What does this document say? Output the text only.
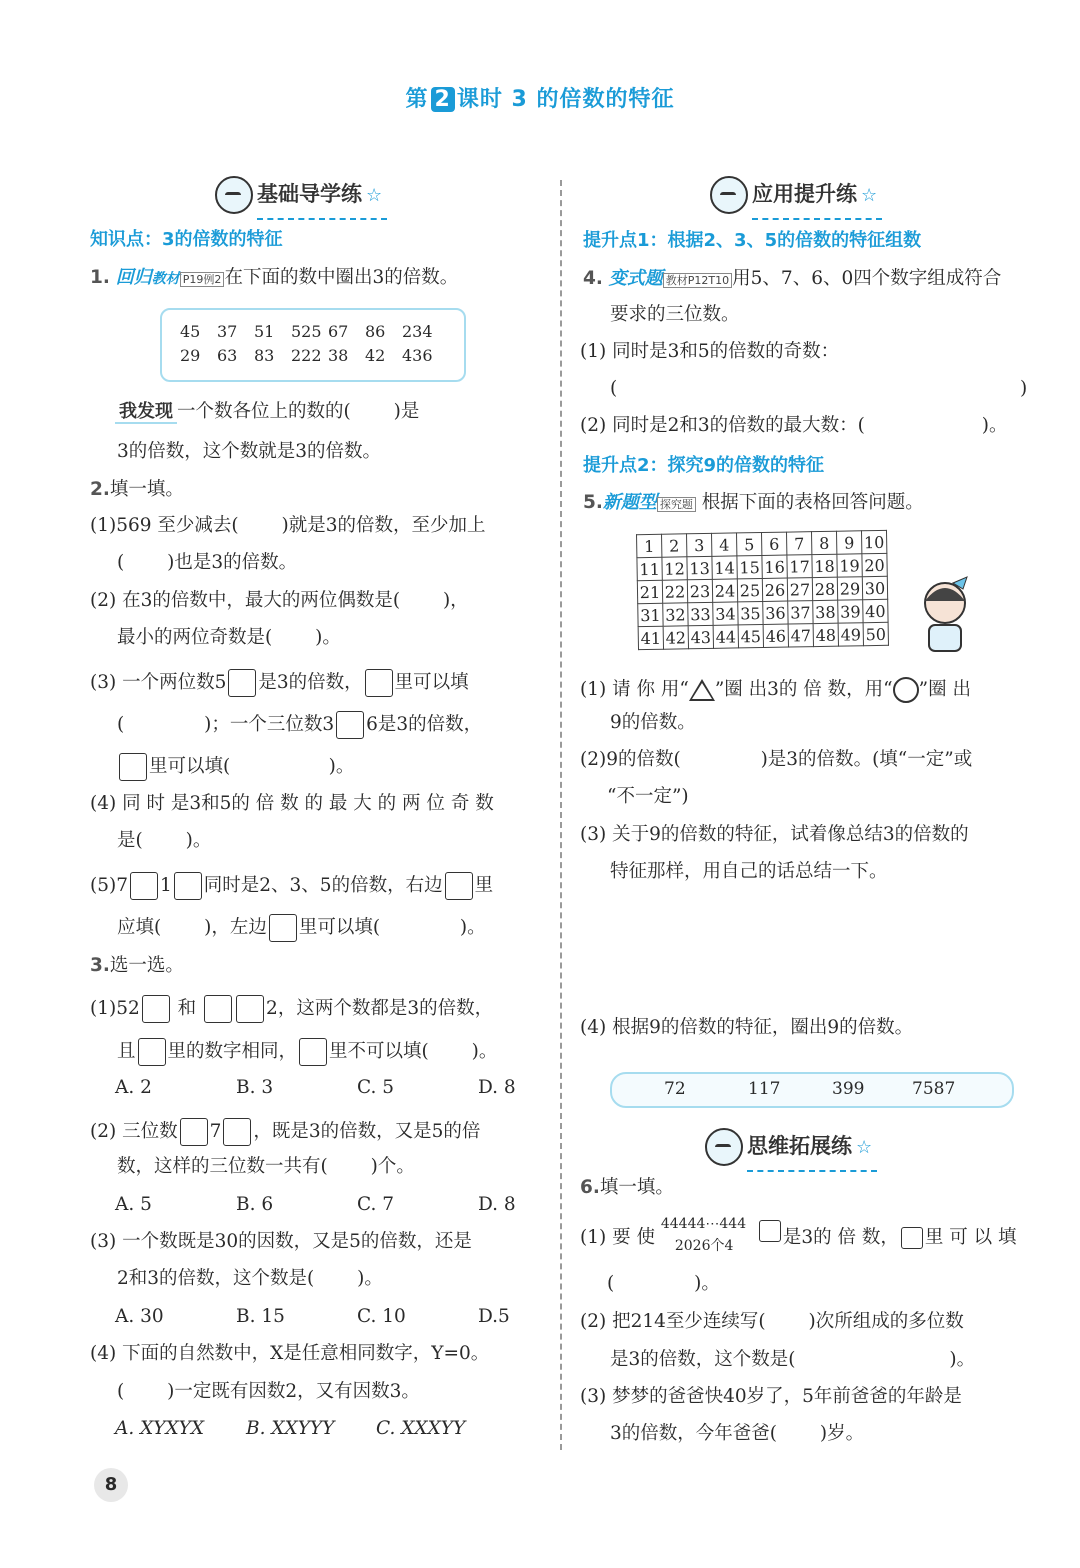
第 2 课时 3 的倍数的特征
基础导学练 ☆
知识点：3的倍数的特征
1. 回归教材 P19例2 在下面的数中圈出3的倍数。
45 37 51 525 67 86 234
29 63 83 222 38 42 436
我发现 一个数各位上的数的(　　 )是
3的倍数，这个数就是3的倍数。
2.填一填。
(1)569 至少减去(　　 )就是3的倍数，至少加上
(　　 )也是3的倍数。
(2) 在3的倍数中，最大的两位偶数是(　　 )，
最小的两位奇数是(　　 )。
(3) 一个两位数5 是3的倍数， 里可以填
(　　　　 )；一个三位数3 6是3的倍数，
里可以填(　　　　　 )。
(4) 同 时 是3和5的 倍 数 的 最 大 的 两 位 奇 数
是(　　 )。
(5)7 1 同时是2、3、5的倍数，右边 里
应填(　　 )，左边 里可以填(　　　　 )。
3.选一选。
(1)52 和	2，这两个数都是3的倍数，
且 里的数字相同， 里不可以填(　　 )。
A. 2	B. 3	C. 5	D. 8
(2) 三位数 7 ，既是3的倍数，又是5的倍
数，这样的三位数一共有(　　 )个。
A. 5	B. 6	C. 7	D. 8
(3) 一个数既是30的因数，又是5的倍数，还是
2和3的倍数，这个数是(　　 )。
A. 30	B. 15	C. 10	D.5
(4) 下面的自然数中，X是任意相同数字，Y=0。
(　　 )一定既有因数2，又有因数3。
A. XYXYX B. XXYYY C. XXXYY
8
应用提升练 ☆
提升点1：根据2、3、5的倍数的特征组数
4. 变式题 教材P12T10 用5、7、6、0四个数字组成符合
要求的三位数。
(1) 同时是3和5的倍数的奇数：
(	)
(2) 同时是2和3的倍数的最大数：(　　　　　　 )。
提升点2：探究9的倍数的特征
5.新题型 探究题 根据下面的表格回答问题。
1	2	3	4	5	6	7	8	9	10
11	12	13	14	15	16	17	18	19	20
21	22	23	24	25	26	27	28	29	30
31	32	33	34	35	36	37	38	39	40
41	42	43	44	45	46	47	48	49	50
(1) 请 你 用“ ”圈 出3的 倍 数，用“ ”圈 出
9的倍数。
(2)9的倍数(　　　　 )是3的倍数。(填“一定”或
“不一定”)
(3) 关于9的倍数的特征，试着像总结3的倍数的
特征那样，用自己的话总结一下。
(4) 根据9的倍数的特征，圈出9的倍数。
72	117	399	7587
思维拓展练 ☆
6.填一填。
(1) 要 使
44444⋯444
2026个4	是3的 倍 数， 里 可 以 填
(　　　　 )。
(2) 把214至少连续写(　　 )次所组成的多位数
是3的倍数，这个数是(　　　　　　　　 )。
(3) 梦梦的爸爸快40岁了，5年前爸爸的年龄是
3的倍数，今年爸爸(　　 )岁。
